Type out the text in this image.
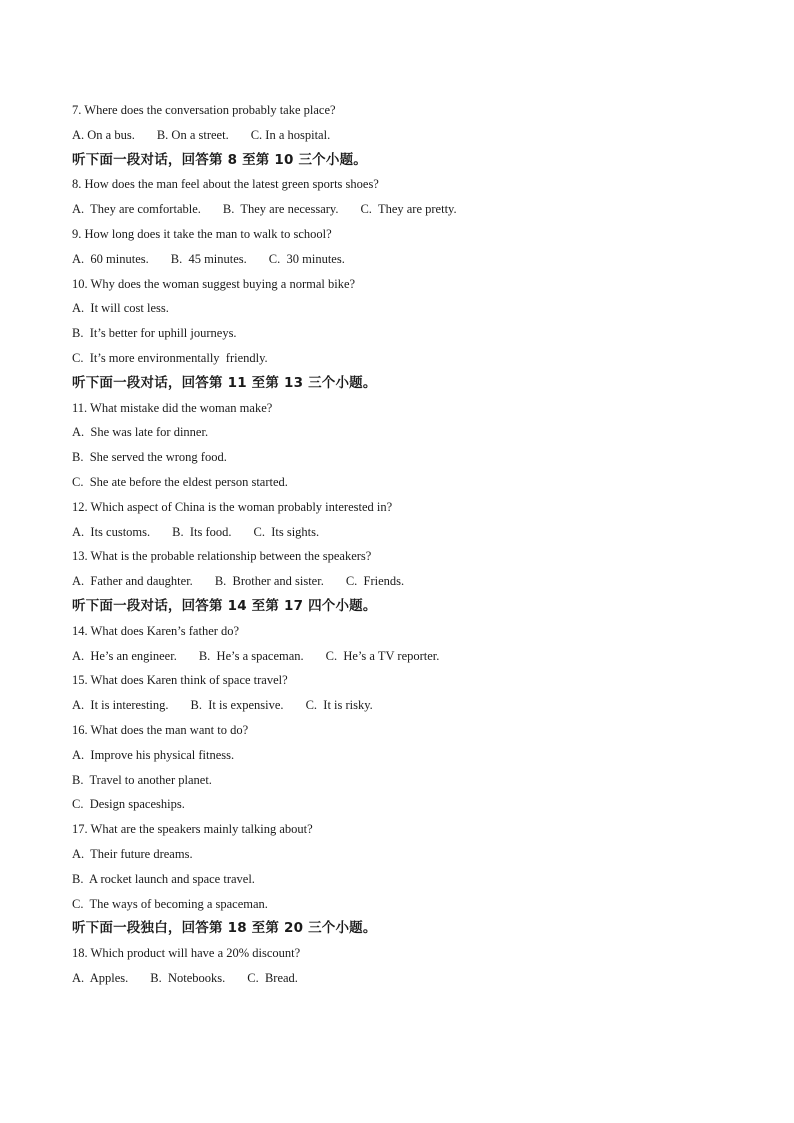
7. Where does the conversation probably take place?
A. On a bus. B. On a street. C. In a hospital.
听下面一段对话，回答第 8 至第 10 三个小题。
8. How does the man feel about the latest green sports shoes?
A.  They are comfortable. B.  They are necessary. C.  They are pretty.
9. How long does it take the man to walk to school?
A.  60 minutes. B.  45 minutes. C.  30 minutes.
10. Why does the woman suggest buying a normal bike?
A.  It will cost less.
B.  It’s better for uphill journeys.
C.  It’s more environmentally  friendly.
听下面一段对话，回答第 11 至第 13 三个小题。
11. What mistake did the woman make?
A.  She was late for dinner.
B.  She served the wrong food.
C.  She ate before the eldest person started.
12. Which aspect of China is the woman probably interested in?
A.  Its customs. B.  Its food. C.  Its sights.
13. What is the probable relationship between the speakers?
A.  Father and daughter. B.  Brother and sister. C.  Friends.
听下面一段对话，回答第 14 至第 17 四个小题。
14. What does Karen’s father do?
A.  He’s an engineer. B.  He’s a spaceman. C.  He’s a TV reporter.
15. What does Karen think of space travel?
A.  It is interesting. B.  It is expensive. C.  It is risky.
16. What does the man want to do?
A.  Improve his physical fitness.
B.  Travel to another planet.
C.  Design spaceships.
17. What are the speakers mainly talking about?
A.  Their future dreams.
B.  A rocket launch and space travel.
C.  The ways of becoming a spaceman.
听下面一段独白，回答第 18 至第 20 三个小题。
18. Which product will have a 20% discount?
A.  Apples. B.  Notebooks. C.  Bread.
